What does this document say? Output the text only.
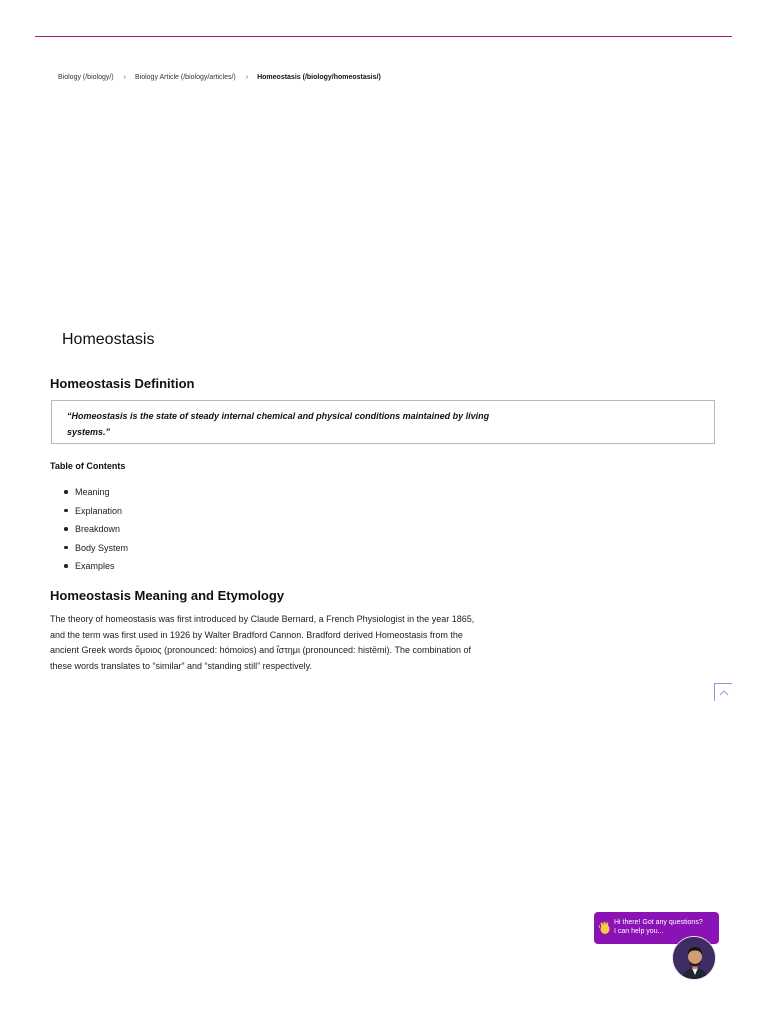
Biology (/biology/) › Biology Article (/biology/articles/) › Homeostasis (/biology/homeostasis/)
Homeostasis
Homeostasis Definition

“Homeostasis is the state of steady internal chemical and physical conditions maintained by living systems.”

Table of Contents
Meaning
Explanation
Breakdown
Body System
Examples
Homeostasis Meaning and Etymology

The theory of homeostasis was first introduced by Claude Bernard, a French Physiologist in the year 1865, and the term was first used in 1926 by Walter Bradford Cannon. Bradford derived Homeostasis from the ancient Greek words ὅμοιος (pronounced: hómoios) and ἵστημι (pronounced: histēmi). The combination of these words translates to “similar” and “standing still” respectively.

Hi there! Got any questions?
I can help you...
